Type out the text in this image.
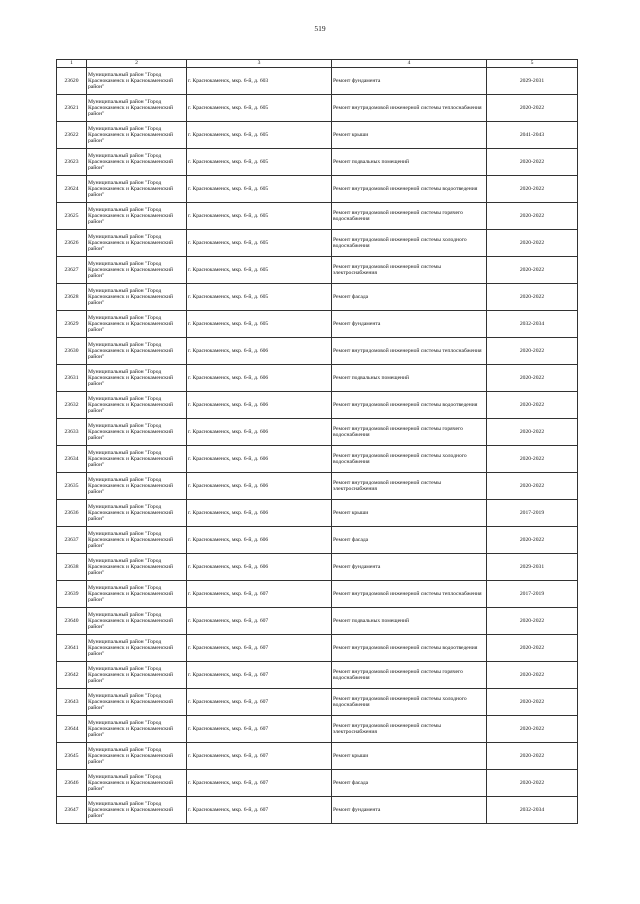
519
1	2	3	4	5
23620	Муниципальный район "Город Краснокаменск и Краснокаменский район"	г. Краснокаменск, мкр. 6-й, д. 603	Ремонт фундамента	2029-2031
23621	Муниципальный район "Город Краснокаменск и Краснокаменский район"	г. Краснокаменск, мкр. 6-й, д. 605	Ремонт внутридомовой инженерной системы теплоснабжения	2020-2022
23622	Муниципальный район "Город Краснокаменск и Краснокаменский район"	г. Краснокаменск, мкр. 6-й, д. 605	Ремонт крыши	2041-2043
23623	Муниципальный район "Город Краснокаменск и Краснокаменский район"	г. Краснокаменск, мкр. 6-й, д. 605	Ремонт подвальных помещений	2020-2022
23624	Муниципальный район "Город Краснокаменск и Краснокаменский район"	г. Краснокаменск, мкр. 6-й, д. 605	Ремонт внутридомовой инженерной системы водоотведения	2020-2022
23625	Муниципальный район "Город Краснокаменск и Краснокаменский район"	г. Краснокаменск, мкр. 6-й, д. 605	Ремонт внутридомовой инженерной системы горячего водоснабжения	2020-2022
23626	Муниципальный район "Город Краснокаменск и Краснокаменский район"	г. Краснокаменск, мкр. 6-й, д. 605	Ремонт внутридомовой инженерной системы холодного водоснабжения	2020-2022
23627	Муниципальный район "Город Краснокаменск и Краснокаменский район"	г. Краснокаменск, мкр. 6-й, д. 605	Ремонт внутридомовой инженерной системы электроснабжения	2020-2022
23628	Муниципальный район "Город Краснокаменск и Краснокаменский район"	г. Краснокаменск, мкр. 6-й, д. 605	Ремонт фасада	2020-2022
23629	Муниципальный район "Город Краснокаменск и Краснокаменский район"	г. Краснокаменск, мкр. 6-й, д. 605	Ремонт фундамента	2032-2034
23630	Муниципальный район "Город Краснокаменск и Краснокаменский район"	г. Краснокаменск, мкр. 6-й, д. 606	Ремонт внутридомовой инженерной системы теплоснабжения	2020-2022
23631	Муниципальный район "Город Краснокаменск и Краснокаменский район"	г. Краснокаменск, мкр. 6-й, д. 606	Ремонт подвальных помещений	2020-2022
23632	Муниципальный район "Город Краснокаменск и Краснокаменский район"	г. Краснокаменск, мкр. 6-й, д. 606	Ремонт внутридомовой инженерной системы водоотведения	2020-2022
23633	Муниципальный район "Город Краснокаменск и Краснокаменский район"	г. Краснокаменск, мкр. 6-й, д. 606	Ремонт внутридомовой инженерной системы горячего водоснабжения	2020-2022
23634	Муниципальный район "Город Краснокаменск и Краснокаменский район"	г. Краснокаменск, мкр. 6-й, д. 606	Ремонт внутридомовой инженерной системы холодного водоснабжения	2020-2022
23635	Муниципальный район "Город Краснокаменск и Краснокаменский район"	г. Краснокаменск, мкр. 6-й, д. 606	Ремонт внутридомовой инженерной системы электроснабжения	2020-2022
23636	Муниципальный район "Город Краснокаменск и Краснокаменский район"	г. Краснокаменск, мкр. 6-й, д. 606	Ремонт крыши	2017-2019
23637	Муниципальный район "Город Краснокаменск и Краснокаменский район"	г. Краснокаменск, мкр. 6-й, д. 606	Ремонт фасада	2020-2022
23638	Муниципальный район "Город Краснокаменск и Краснокаменский район"	г. Краснокаменск, мкр. 6-й, д. 606	Ремонт фундамента	2029-2031
23639	Муниципальный район "Город Краснокаменск и Краснокаменский район"	г. Краснокаменск, мкр. 6-й, д. 607	Ремонт внутридомовой инженерной системы теплоснабжения	2017-2019
23640	Муниципальный район "Город Краснокаменск и Краснокаменский район"	г. Краснокаменск, мкр. 6-й, д. 607	Ремонт подвальных помещений	2020-2022
23641	Муниципальный район "Город Краснокаменск и Краснокаменский район"	г. Краснокаменск, мкр. 6-й, д. 607	Ремонт внутридомовой инженерной системы водоотведения	2020-2022
23642	Муниципальный район "Город Краснокаменск и Краснокаменский район"	г. Краснокаменск, мкр. 6-й, д. 607	Ремонт внутридомовой инженерной системы горячего водоснабжения	2020-2022
23643	Муниципальный район "Город Краснокаменск и Краснокаменский район"	г. Краснокаменск, мкр. 6-й, д. 607	Ремонт внутридомовой инженерной системы холодного водоснабжения	2020-2022
23644	Муниципальный район "Город Краснокаменск и Краснокаменский район"	г. Краснокаменск, мкр. 6-й, д. 607	Ремонт внутридомовой инженерной системы электроснабжения	2020-2022
23645	Муниципальный район "Город Краснокаменск и Краснокаменский район"	г. Краснокаменск, мкр. 6-й, д. 607	Ремонт крыши	2020-2022
23646	Муниципальный район "Город Краснокаменск и Краснокаменский район"	г. Краснокаменск, мкр. 6-й, д. 607	Ремонт фасада	2020-2022
23647	Муниципальный район "Город Краснокаменск и Краснокаменский район"	г. Краснокаменск, мкр. 6-й, д. 607	Ремонт фундамента	2032-2034
